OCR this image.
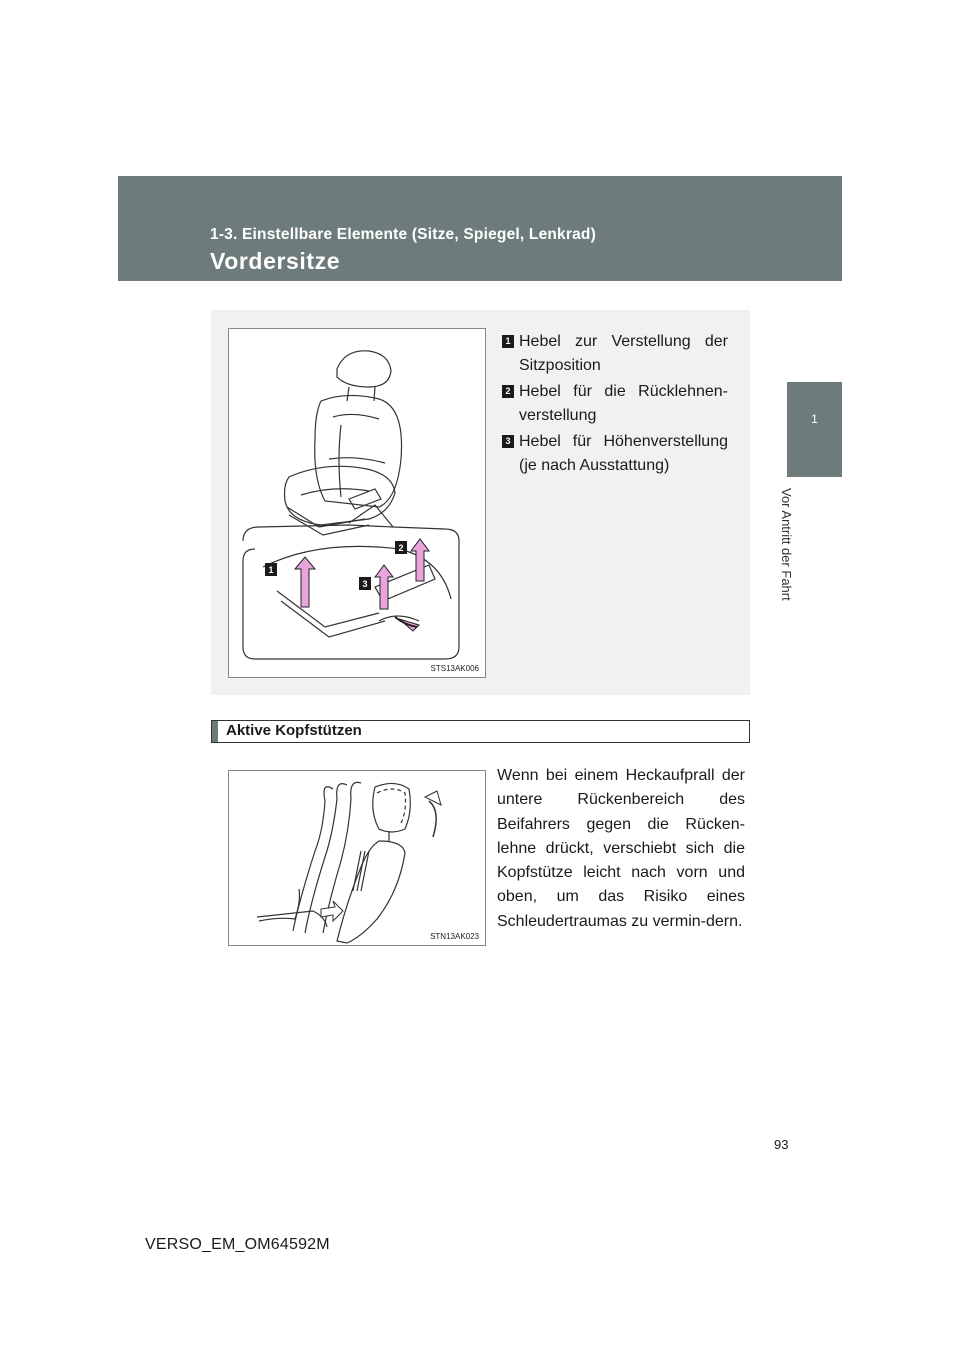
1-3. Einstellbare Elemente (Sitze, Spiegel, Lenkrad)
Vordersitze
1
Vor Antritt der Fahrt
1
2
3
STS13AK006
1 Hebel zur Verstellung der Sitzposition
2 Hebel für die Rücklehnen-verstellung
3 Hebel für Höhenverstellung (je nach Ausstattung)
Aktive Kopfstützen
STN13AK023
Wenn bei einem Heckaufprall der untere Rückenbereich des Beifahrers gegen die Rücken-lehne drückt, verschiebt sich die Kopfstütze leicht nach vorn und oben, um das Risiko eines Schleudertraumas zu vermin-dern.
93
VERSO_EM_OM64592M
